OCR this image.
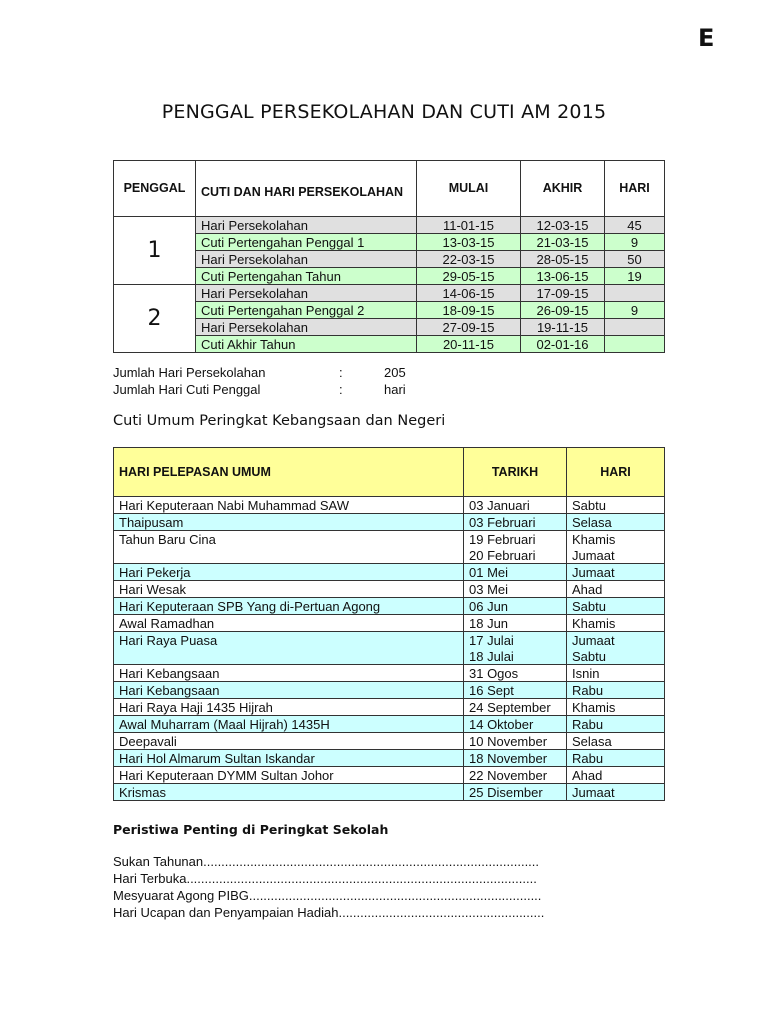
E
PENGGAL PERSEKOLAHAN DAN CUTI AM 2015
PENGGAL	CUTI DAN HARI PERSEKOLAHAN	MULAI	AKHIR	HARI
1	Hari Persekolahan	11-01-15	12-03-15	45
	Cuti Pertengahan Penggal 1	13-03-15	21-03-15	9
	Hari Persekolahan	22-03-15	28-05-15	50
	Cuti Pertengahan Tahun	29-05-15	13-06-15	19
2	Hari Persekolahan	14-06-15	17-09-15	
	Cuti Pertengahan Penggal 2	18-09-15	26-09-15	9
	Hari Persekolahan	27-09-15	19-11-15	
	Cuti Akhir Tahun	20-11-15	02-01-16	
Jumlah Hari Persekolahan	:	205 hari
Jumlah Hari Cuti Penggal	:
Cuti Umum Peringkat Kebangsaan dan Negeri
HARI PELEPASAN UMUM	TARIKH	HARI
Hari Keputeraan Nabi Muhammad SAW	03 Januari	Sabtu
Thaipusam	03 Februari	Selasa
Tahun Baru Cina	19 Februari	Khamis
	20 Februari	Jumaat
Hari Pekerja	01 Mei	Jumaat
Hari Wesak	03 Mei	Ahad
Hari Keputeraan SPB Yang di-Pertuan Agong	06 Jun	Sabtu
Awal Ramadhan	18 Jun	Khamis
Hari Raya Puasa	17 Julai	Jumaat
	18 Julai	Sabtu
Hari Kebangsaan	31 Ogos	Isnin
Hari Kebangsaan	16 Sept	Rabu
Hari Raya Haji 1435 Hijrah	24 September	Khamis
Awal Muharram (Maal Hijrah) 1435H	14 Oktober	Rabu
Deepavali	10 November	Selasa
Hari Hol Almarum Sultan Iskandar	18 November	Rabu
Hari Keputeraan DYMM Sultan Johor	22 November	Ahad
Krismas	25 Disember	Jumaat
Peristiwa Penting di Peringkat Sekolah
Sukan Tahunan.............................................................................................
Hari Terbuka.................................................................................................
Mesyuarat Agong PIBG.................................................................................
Hari Ucapan dan Penyampaian Hadiah.........................................................
